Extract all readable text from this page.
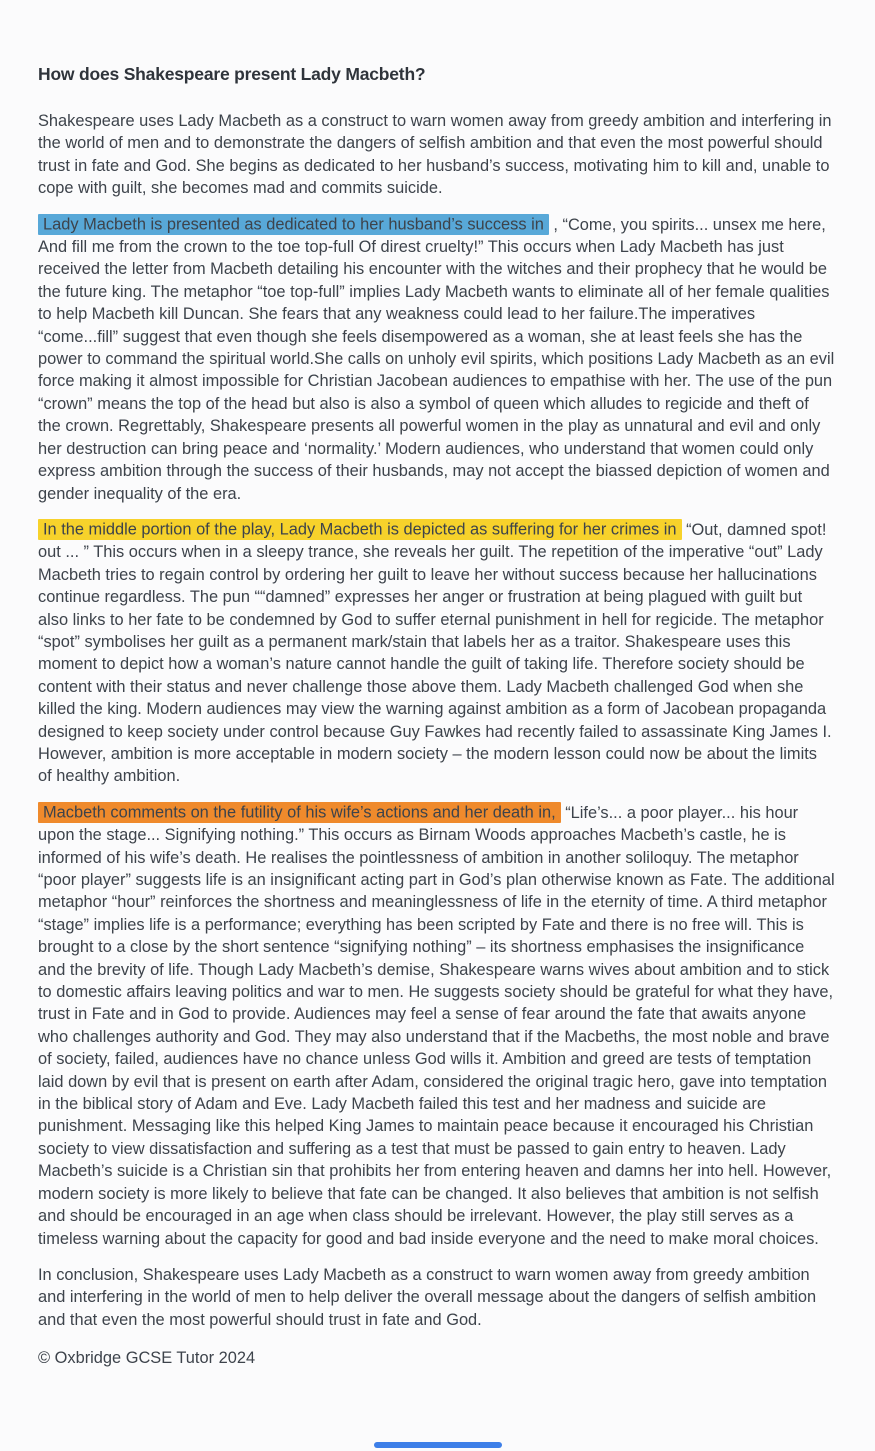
How does Shakespeare present Lady Macbeth?

Shakespeare uses Lady Macbeth as a construct to warn women away from greedy ambition and interfering in the world of men and to demonstrate the dangers of selfish ambition and that even the most powerful should trust in fate and God. She begins as dedicated to her husband’s success, motivating him to kill and, unable to cope with guilt, she becomes mad and commits suicide.

Lady Macbeth is presented as dedicated to her husband’s success in , “Come, you spirits... unsex me here, And fill me from the crown to the toe top-full Of direst cruelty!” This occurs when Lady Macbeth has just received the letter from Macbeth detailing his encounter with the witches and their prophecy that he would be the future king. The metaphor “toe top-full” implies Lady Macbeth wants to eliminate all of her female qualities to help Macbeth kill Duncan. She fears that any weakness could lead to her failure.The imperatives “come...fill” suggest that even though she feels disempowered as a woman, she at least feels she has the power to command the spiritual world.She calls on unholy evil spirits, which positions Lady Macbeth as an evil force making it almost impossible for Christian Jacobean audiences to empathise with her. The use of the pun “crown” means the top of the head but also is also a symbol of queen which alludes to regicide and theft of the crown. Regrettably, Shakespeare presents all powerful women in the play as unnatural and evil and only her destruction can bring peace and ‘normality.’ Modern audiences, who understand that women could only express ambition through the success of their husbands, may not accept the biassed depiction of women and gender inequality of the era.

In the middle portion of the play, Lady Macbeth is depicted as suffering for her crimes in “Out, damned spot! out ... ” This occurs when in a sleepy trance, she reveals her guilt. The repetition of the imperative “out” Lady Macbeth tries to regain control by ordering her guilt to leave her without success because her hallucinations continue regardless. The pun ““damned” expresses her anger or frustration at being plagued with guilt but also links to her fate to be condemned by God to suffer eternal punishment in hell for regicide. The metaphor “spot” symbolises her guilt as a permanent mark/stain that labels her as a traitor. Shakespeare uses this moment to depict how a woman’s nature cannot handle the guilt of taking life. Therefore society should be content with their status and never challenge those above them. Lady Macbeth challenged God when she killed the king. Modern audiences may view the warning against ambition as a form of Jacobean propaganda designed to keep society under control because Guy Fawkes had recently failed to assassinate King James I. However, ambition is more acceptable in modern society – the modern lesson could now be about the limits of healthy ambition.

Macbeth comments on the futility of his wife’s actions and her death in, “Life’s... a poor player... his hour upon the stage... Signifying nothing.” This occurs as Birnam Woods approaches Macbeth’s castle, he is informed of his wife’s death. He realises the pointlessness of ambition in another soliloquy. The metaphor “poor player” suggests life is an insignificant acting part in God’s plan otherwise known as Fate. The additional metaphor “hour” reinforces the shortness and meaninglessness of life in the eternity of time. A third metaphor “stage” implies life is a performance; everything has been scripted by Fate and there is no free will. This is brought to a close by the short sentence “signifying nothing” – its shortness emphasises the insignificance and the brevity of life. Though Lady Macbeth’s demise, Shakespeare warns wives about ambition and to stick to domestic affairs leaving politics and war to men. He suggests society should be grateful for what they have, trust in Fate and in God to provide. Audiences may feel a sense of fear around the fate that awaits anyone who challenges authority and God. They may also understand that if the Macbeths, the most noble and brave of society, failed, audiences have no chance unless God wills it. Ambition and greed are tests of temptation laid down by evil that is present on earth after Adam, considered the original tragic hero, gave into temptation in the biblical story of Adam and Eve. Lady Macbeth failed this test and her madness and suicide are punishment. Messaging like this helped King James to maintain peace because it encouraged his Christian society to view dissatisfaction and suffering as a test that must be passed to gain entry to heaven. Lady Macbeth’s suicide is a Christian sin that prohibits her from entering heaven and damns her into hell. However, modern society is more likely to believe that fate can be changed. It also believes that ambition is not selfish and should be encouraged in an age when class should be irrelevant. However, the play still serves as a timeless warning about the capacity for good and bad inside everyone and the need to make moral choices.

In conclusion, Shakespeare uses Lady Macbeth as a construct to warn women away from greedy ambition and interfering in the world of men to help deliver the overall message about the dangers of selfish ambition and that even the most powerful should trust in fate and God.

© Oxbridge GCSE Tutor 2024
